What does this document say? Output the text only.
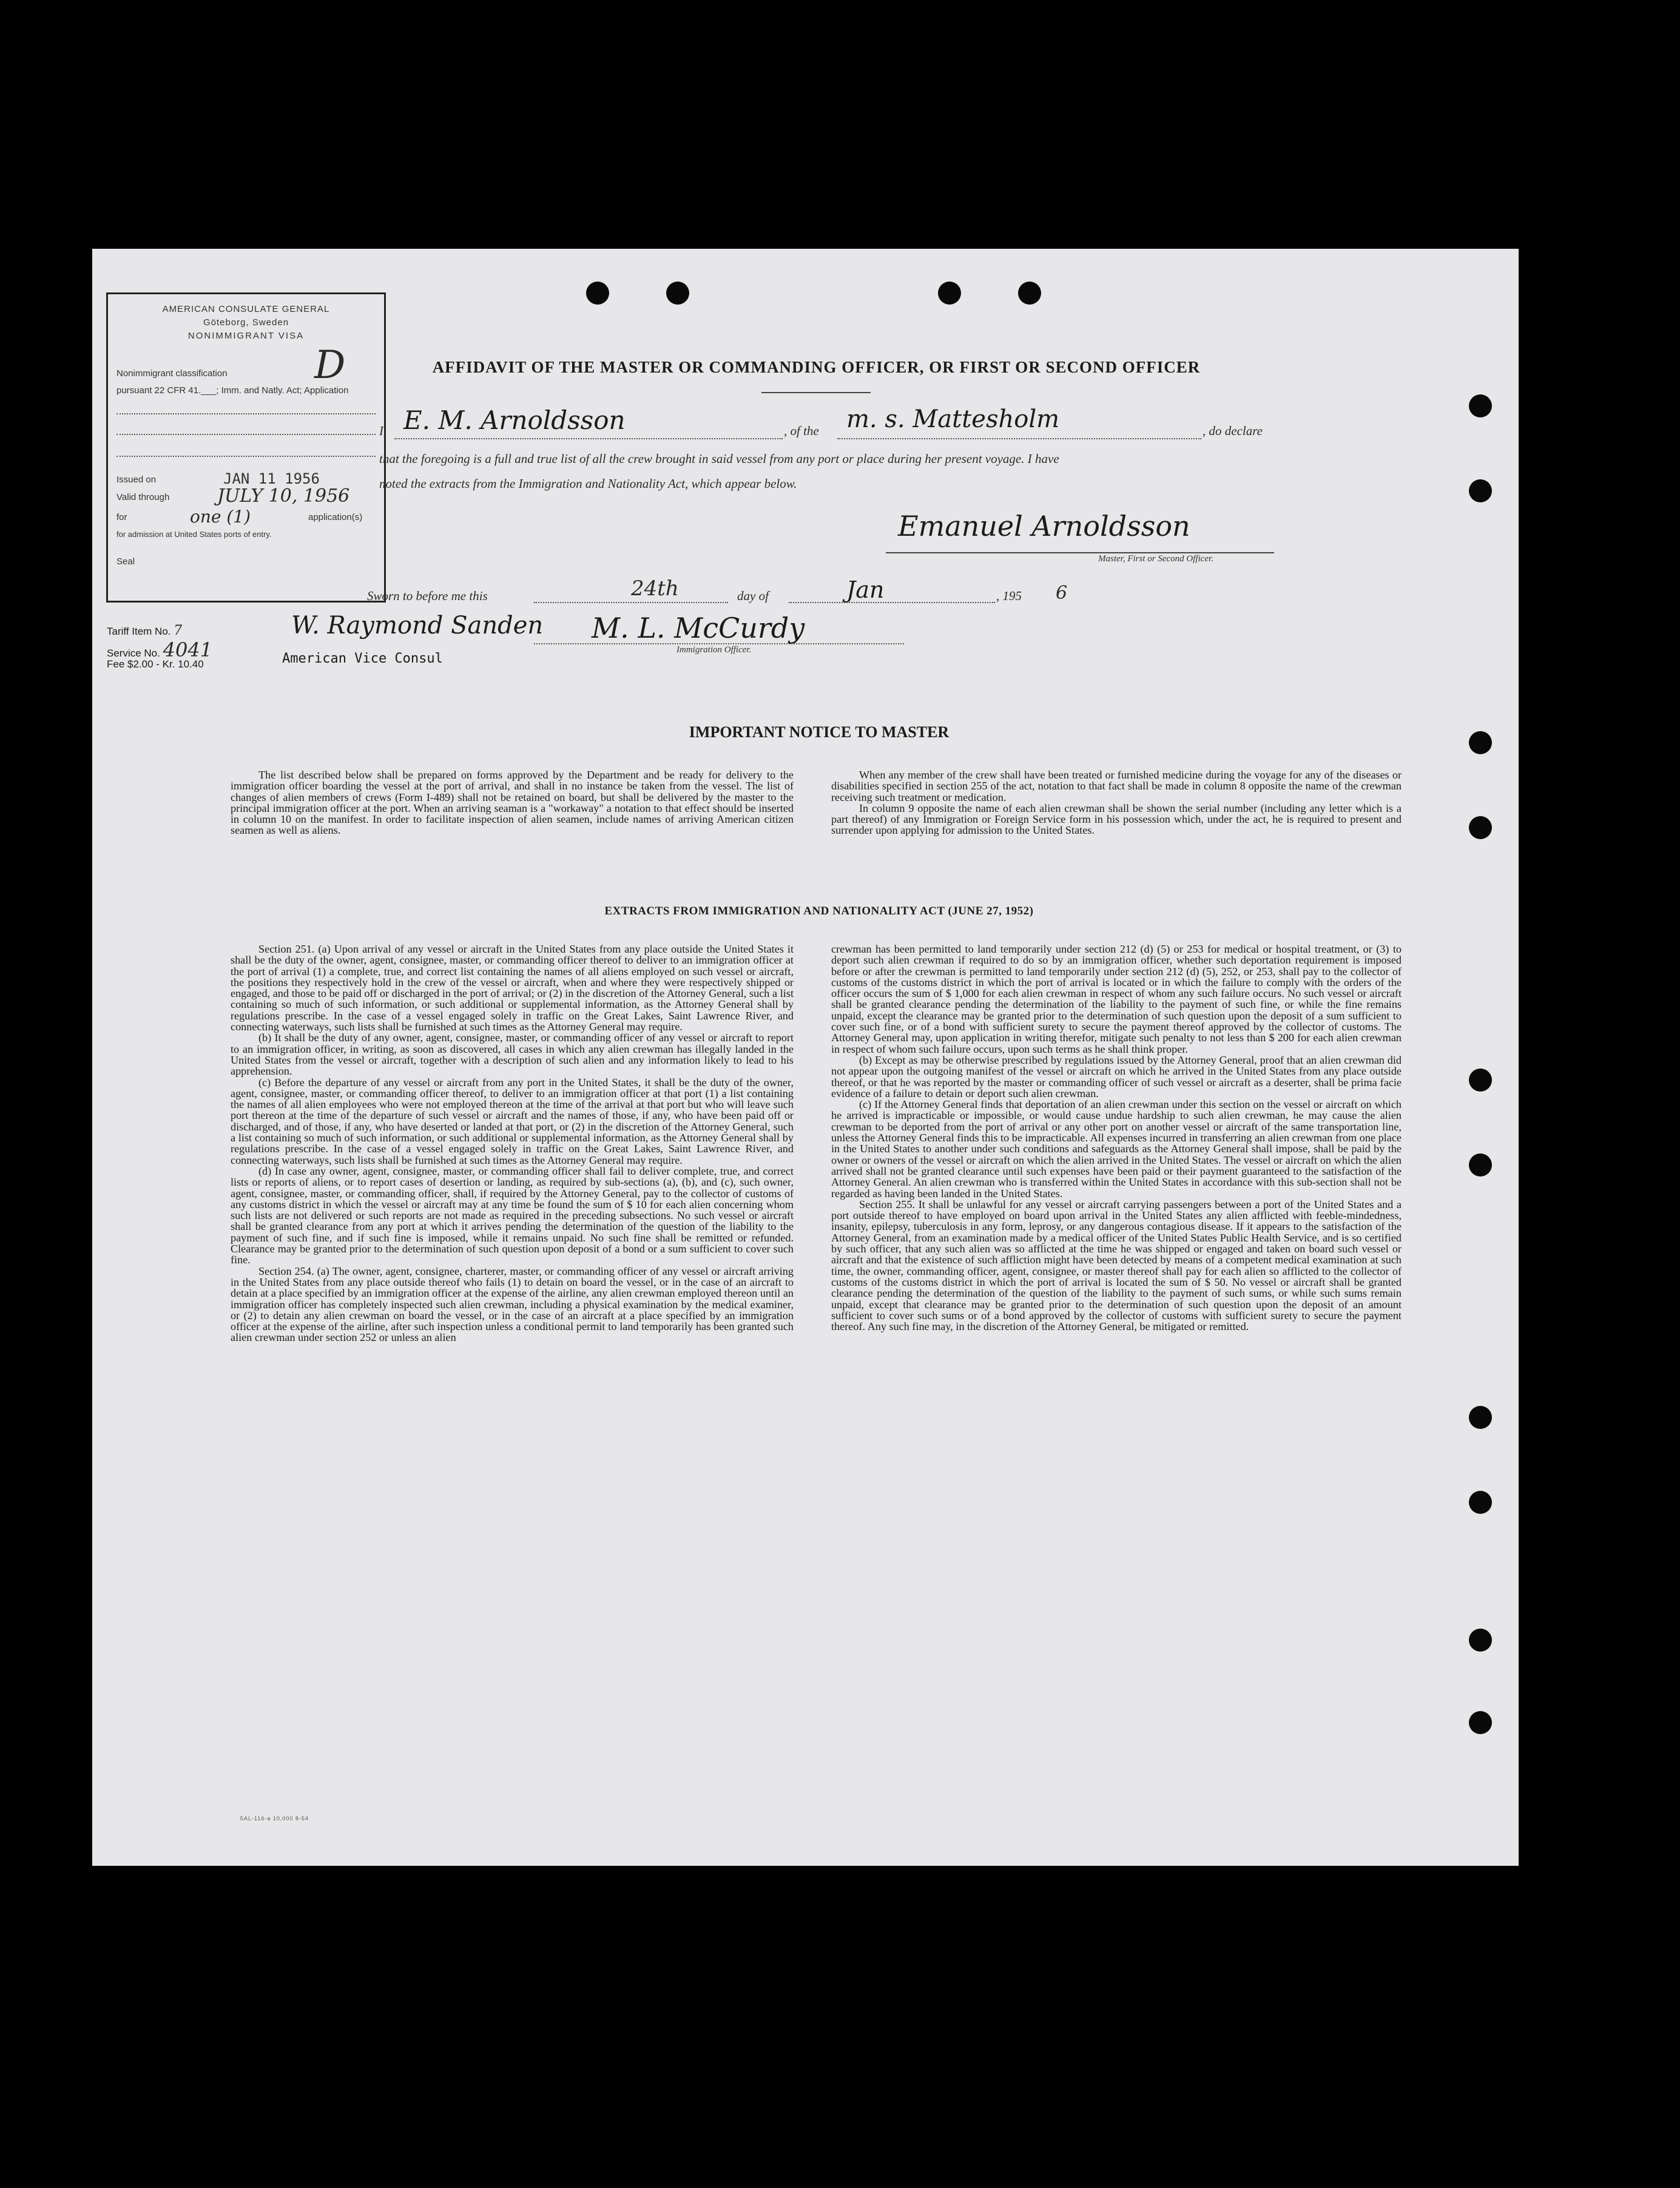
AMERICAN CONSULATE GENERAL
Göteborg, Sweden
NONIMMIGRANT VISA
Nonimmigrant classification D
pursuant 22 CFR 41.___; Imm. and Natly. Act; Application
Issued on	JAN 11 1956
Valid through	JULY 10, 1956
for	one (1)	application(s)
for admission at United States ports of entry.
Seal
Tariff Item No. 7
Service No. 4041
Fee $2.00 - Kr. 10.40
W. Raymond Sanden
American Vice Consul
AFFIDAVIT OF THE MASTER OR COMMANDING OFFICER, OR FIRST OR SECOND OFFICER
I, E. M. Arnoldsson	, of the m. s. Mattesholm	, do declare
that the foregoing is a full and true list of all the crew brought in said vessel from any port or place during her present voyage. I have
noted the extracts from the Immigration and Nationality Act, which appear below.
Emanuel Arnoldsson
Master, First or Second Officer.
Sworn to before me this	24th	day of	Jan	, 195 6
M. L. McCurdy
Immigration Officer.
IMPORTANT NOTICE TO MASTER

The list described below shall be prepared on forms approved by the Department and be ready for delivery to the immigration officer boarding the vessel at the port of arrival, and shall in no instance be taken from the vessel. The list of changes of alien members of crews (Form I-489) shall not be retained on board, but shall be delivered by the master to the principal immigration officer at the port. When an arriving seaman is a "workaway" a notation to that effect should be inserted in column 10 on the manifest. In order to facilitate inspection of alien seamen, include names of arriving American citizen seamen as well as aliens.

When any member of the crew shall have been treated or furnished medicine during the voyage for any of the diseases or disabilities specified in section 255 of the act, notation to that fact shall be made in column 8 opposite the name of the crewman receiving such treatment or medication.

In column 9 opposite the name of each alien crewman shall be shown the serial number (including any letter which is a part thereof) of any Immigration or Foreign Service form in his possession which, under the act, he is required to present and surrender upon applying for admission to the United States.

EXTRACTS FROM IMMIGRATION AND NATIONALITY ACT (JUNE 27, 1952)

Section 251. (a) Upon arrival of any vessel or aircraft in the United States from any place outside the United States it shall be the duty of the owner, agent, consignee, master, or commanding officer thereof to deliver to an immigration officer at the port of arrival (1) a complete, true, and correct list containing the names of all aliens employed on such vessel or aircraft, the positions they respectively hold in the crew of the vessel or aircraft, when and where they were respectively shipped or engaged, and those to be paid off or discharged in the port of arrival; or (2) in the discretion of the Attorney General, such a list containing so much of such information, or such additional or supplemental information, as the Attorney General shall by regulations prescribe. In the case of a vessel engaged solely in traffic on the Great Lakes, Saint Lawrence River, and connecting waterways, such lists shall be furnished at such times as the Attorney General may require.

(b) It shall be the duty of any owner, agent, consignee, master, or commanding officer of any vessel or aircraft to report to an immigration officer, in writing, as soon as discovered, all cases in which any alien crewman has illegally landed in the United States from the vessel or aircraft, together with a description of such alien and any information likely to lead to his apprehension.

(c) Before the departure of any vessel or aircraft from any port in the United States, it shall be the duty of the owner, agent, consignee, master, or commanding officer thereof, to deliver to an immigration officer at that port (1) a list containing the names of all alien employees who were not employed thereon at the time of the arrival at that port but who will leave such port thereon at the time of the departure of such vessel or aircraft and the names of those, if any, who have been paid off or discharged, and of those, if any, who have deserted or landed at that port, or (2) in the discretion of the Attorney General, such a list containing so much of such information, or such additional or supplemental information, as the Attorney General shall by regulations prescribe. In the case of a vessel engaged solely in traffic on the Great Lakes, Saint Lawrence River, and connecting waterways, such lists shall be furnished at such times as the Attorney General may require.

(d) In case any owner, agent, consignee, master, or commanding officer shall fail to deliver complete, true, and correct lists or reports of aliens, or to report cases of desertion or landing, as required by sub-sections (a), (b), and (c), such owner, agent, consignee, master, or commanding officer, shall, if required by the Attorney General, pay to the collector of customs of any customs district in which the vessel or aircraft may at any time be found the sum of $ 10 for each alien concerning whom such lists are not delivered or such reports are not made as required in the preceding subsections. No such vessel or aircraft shall be granted clearance from any port at which it arrives pending the determination of the question of the liability to the payment of such fine, and if such fine is imposed, while it remains unpaid. No such fine shall be remitted or refunded. Clearance may be granted prior to the determination of such question upon deposit of a bond or a sum sufficient to cover such fine.

Section 254. (a) The owner, agent, consignee, charterer, master, or commanding officer of any vessel or aircraft arriving in the United States from any place outside thereof who fails (1) to detain on board the vessel, or in the case of an aircraft to detain at a place specified by an immigration officer at the expense of the airline, any alien crewman employed thereon until an immigration officer has completely inspected such alien crewman, including a physical examination by the medical examiner, or (2) to detain any alien crewman on board the vessel, or in the case of an aircraft at a place specified by an immigration officer at the expense of the airline, after such inspection unless a conditional permit to land temporarily has been granted such alien crewman under section 252 or unless an alien

crewman has been permitted to land temporarily under section 212 (d) (5) or 253 for medical or hospital treatment, or (3) to deport such alien crewman if required to do so by an immigration officer, whether such deportation requirement is imposed before or after the crewman is permitted to land temporarily under section 212 (d) (5), 252, or 253, shall pay to the collector of customs of the customs district in which the port of arrival is located or in which the failure to comply with the orders of the officer occurs the sum of $ 1,000 for each alien crewman in respect of whom any such failure occurs. No such vessel or aircraft shall be granted clearance pending the determination of the liability to the payment of such fine, or while the fine remains unpaid, except the clearance may be granted prior to the determination of such question upon the deposit of a sum sufficient to cover such fine, or of a bond with sufficient surety to secure the payment thereof approved by the collector of customs. The Attorney General may, upon application in writing therefor, mitigate such penalty to not less than $ 200 for each alien crewman in respect of whom such failure occurs, upon such terms as he shall think proper.

(b) Except as may be otherwise prescribed by regulations issued by the Attorney General, proof that an alien crewman did not appear upon the outgoing manifest of the vessel or aircraft on which he arrived in the United States from any place outside thereof, or that he was reported by the master or commanding officer of such vessel or aircraft as a deserter, shall be prima facie evidence of a failure to detain or deport such alien crewman.

(c) If the Attorney General finds that deportation of an alien crewman under this section on the vessel or aircraft on which he arrived is impracticable or impossible, or would cause undue hardship to such alien crewman, he may cause the alien crewman to be deported from the port of arrival or any other port on another vessel or aircraft of the same transportation line, unless the Attorney General finds this to be impracticable. All expenses incurred in transferring an alien crewman from one place in the United States to another under such conditions and safeguards as the Attorney General shall impose, shall be paid by the owner or owners of the vessel or aircraft on which the alien arrived in the United States. The vessel or aircraft on which the alien arrived shall not be granted clearance until such expenses have been paid or their payment guaranteed to the satisfaction of the Attorney General. An alien crewman who is transferred within the United States in accordance with this sub-section shall not be regarded as having been landed in the United States.

Section 255. It shall be unlawful for any vessel or aircraft carrying passengers between a port of the United States and a port outside thereof to have employed on board upon arrival in the United States any alien afflicted with feeble-mindedness, insanity, epilepsy, tuberculosis in any form, leprosy, or any dangerous contagious disease. If it appears to the satisfaction of the Attorney General, from an examination made by a medical officer of the United States Public Health Service, and is so certified by such officer, that any such alien was so afflicted at the time he was shipped or engaged and taken on board such vessel or aircraft and that the existence of such affliction might have been detected by means of a competent medical examination at such time, the owner, commanding officer, agent, consignee, or master thereof shall pay for each alien so afflicted to the collector of customs of the customs district in which the port of arrival is located the sum of $ 50. No vessel or aircraft shall be granted clearance pending the determination of the question of the liability to the payment of such sums, or while such sums remain unpaid, except that clearance may be granted prior to the determination of such question upon the deposit of an amount sufficient to cover such sums or of a bond approved by the collector of customs with sufficient surety to secure the payment thereof. Any such fine may, in the discretion of the Attorney General, be mitigated or remitted.

SAL-116-a 10,000 8-54
